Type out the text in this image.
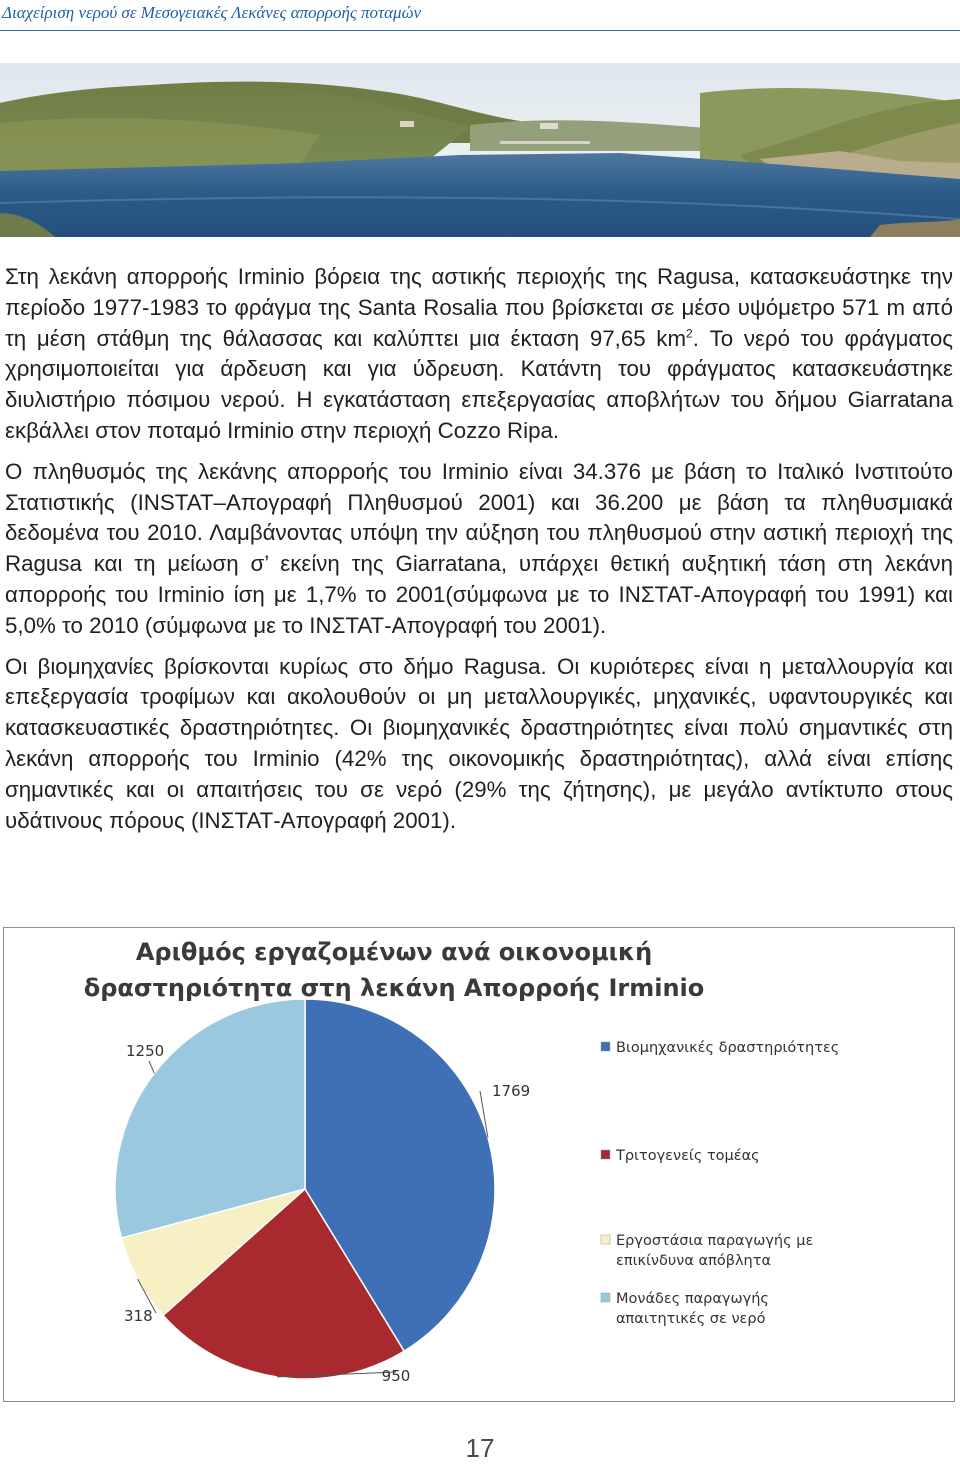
Διαχείριση νερού σε Μεσογειακές Λεκάνες απορροής ποταμών

Στη λεκάνη απορροής Irminio βόρεια της αστικής περιοχής της Ragusa, κατασκευάστηκε την περίοδο 1977-1983 το φράγμα της Santa Rosalia που βρίσκεται σε μέσο υψόμετρο 571 m από τη μέση στάθμη της θάλασσας και καλύπτει μια έκταση 97,65 $km^2$. Το νερό του φράγματος χρησιμοποιείται για άρδευση και για ύδρευση. Κατάντη του φράγματος κατασκευάστηκε διυλιστήριο πόσιμου νερού. Η εγκατάσταση επεξεργασίας αποβλήτων του δήμου Giarratana εκβάλλει στον ποταμό Irminio στην περιοχή Cozzo Ripa.

Ο πληθυσμός της λεκάνης απορροής του Irminio είναι 34.376 με βάση το Ιταλικό Ινστιτούτο Στατιστικής (INSTAT–Απογραφή Πληθυσμού 2001) και 36.200 με βάση τα πληθυσμιακά δεδομένα του 2010. Λαμβάνοντας υπόψη την αύξηση του πληθυσμού στην αστική περιοχή της Ragusa και τη μείωση σ’ εκείνη της Giarratana, υπάρχει θετική αυξητική τάση στη λεκάνη απορροής του Irminio ίση με 1,7% το 2001(σύμφωνα με το ΙΝΣΤΑΤ-Απογραφή του 1991) και 5,0% το 2010 (σύμφωνα με το ΙΝΣΤΑΤ-Απογραφή του 2001).

Οι βιομηχανίες βρίσκονται κυρίως στο δήμο Ragusa. Οι κυριότερες είναι η μεταλλουργία και επεξεργασία τροφίμων και ακολουθούν οι μη μεταλλουργικές, μηχανικές, υφαντουργικές και κατασκευαστικές δραστηριότητες. Οι βιομηχανικές δραστηριότητες είναι πολύ σημαντικές στη λεκάνη απορροής του Irminio (42% της οικονομικής δραστηριότητας), αλλά είναι επίσης σημαντικές και οι απαιτήσεις του σε νερό (29% της ζήτησης), με μεγάλο αντίκτυπο στους υδάτινους πόρους (ΙΝΣΤΑΤ-Απογραφή 2001).

Αριθμός εργαζομένων ανά οικονομική
δραστηριότητα στη λεκάνη Απορροής Irminio
1769
950
318
1250	Βιομηχανικές δραστηριότητες
Τριτογενείς τομέας
Εργοστάσια παραγωγής με
επικίνδυνα απόβλητα
Μονάδες παραγωγής
απαιτητικές σε νερό
17
